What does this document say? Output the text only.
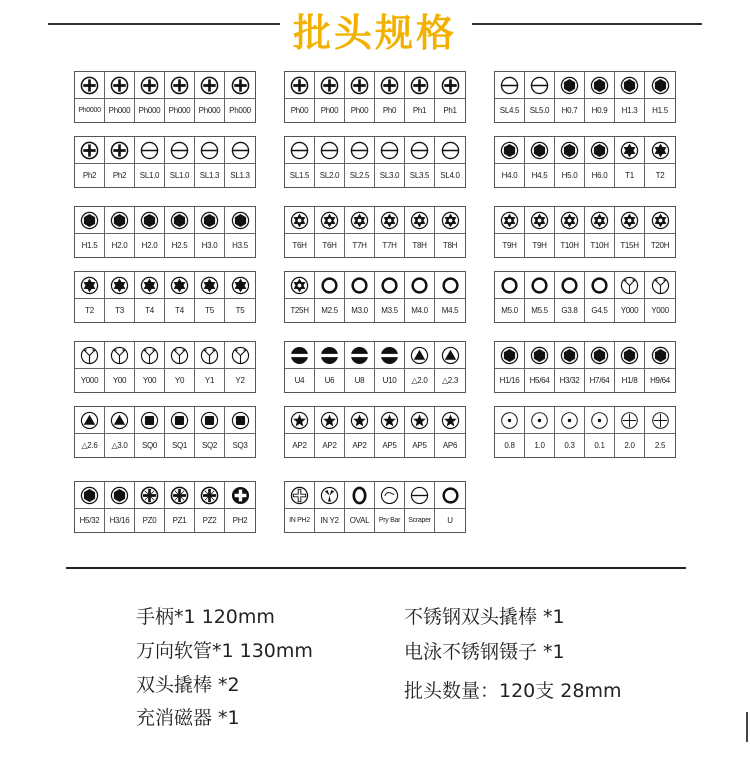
批头规格
Ph0000	Ph000	Ph000	Ph000	Ph000	Ph000	Ph00	Ph00	Ph00	Ph0	Ph1	Ph1	SL4.5	SL5.0	H0.7	H0.9	H1.3	H1.5
Ph2	Ph2	SL1.0	SL1.0	SL1.3	SL1.3	SL1.5	SL2.0	SL2.5	SL3.0	SL3.5	SL4.0	H4.0	H4.5	H5.0	H6.0	T1	T2
H1.5	H2.0	H2.0	H2.5	H3.0	H3.5	T6H	T6H	T7H	T7H	T8H	T8H	T9H	T9H	T10H	T10H	T15H	T20H
T2	T3	T4	T4	T5	T5	T25H	M2.5	M3.0	M3.5	M4.0	M4.5	M5.0	M5.5	G3.8	G4.5	Y000	Y000
Y000	Y00	Y00	Y0	Y1	Y2	U4	U6	U8	U10	△2.0	△2.3	H1/16	H5/64	H3/32	H7/64	H1/8	H9/64
△2.6	△3.0	SQ0	SQ1	SQ2	SQ3	AP2	AP2	AP2	AP5	AP5	AP6	0.8	1.0	0.3	0.1	2.0	2.5
H5/32	H3/16	PZ0	PZ1	PZ2	PH2	IN PH2	IN Y2	OVAL	Pry Bar	Scraper	U
手柄*1 120mm
万向软管*1 130mm
双头撬棒 *2
充消磁器 *1
不锈钢双头撬棒 *1
电泳不锈钢镊子 *1
批头数量：120支 28mm
